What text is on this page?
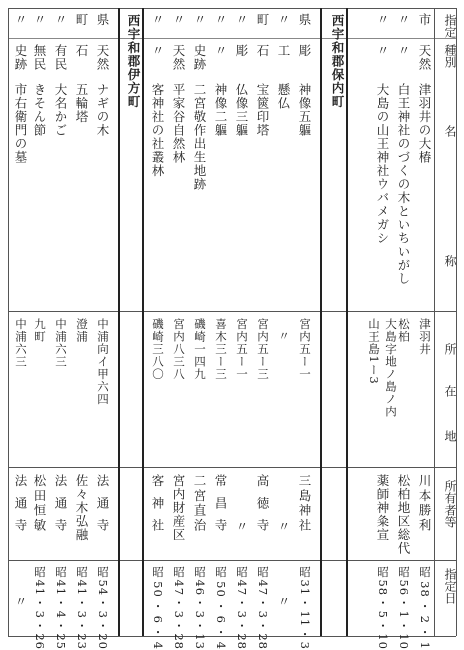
指定
種別
名
称
所
在
地
所有者等
指定日
西宇和郡保内町
西宇和郡伊方町	市
天然
津羽井の大椿
津羽井
川本勝利
昭38・2・1
〃
〃
白王神社のづくの木といちいがし
松柏
松柏地区総代
昭56・1・10
〃
〃
大島の山王神社ウバメガシ
大島字地ノ島ノ内
山王島1ー3
薬師神粂宣
昭58・5・10
県
彫
神像五軀
宮内五ー一
三島神社
昭31・11・3
〃
工
懸仏
〃
〃
〃
町
石
宝篋印塔
宮内五ー三
高徳寺
昭47・3・28
〃
彫
仏像三軀
宮内五ー一
〃
昭47・3・28
〃
〃
神像二軀
喜木三ー三
常昌寺
昭50・6・4
〃
史跡
二宮敬作出生地跡
磯崎一四九
二宮直治
昭46・3・13
〃
天然
平家谷自然林
宮内八三八
宮内財産区
昭47・3・28
〃
〃
客神社の社叢林
磯崎三八〇
客神社
昭50・6・4
県
天然
ナギの木
中浦向イ甲六四
法通寺
昭54・3・20
町
石
五輪塔
澄浦
佐々木弘融
昭41・3・23
〃
有民
大名かご
中浦六三
法通寺
昭41・4・25
〃
無民
きそん節
九町
松田恒敏
昭41・3・26
〃
史跡
市右衛門の墓
中浦六三
法通寺
〃
